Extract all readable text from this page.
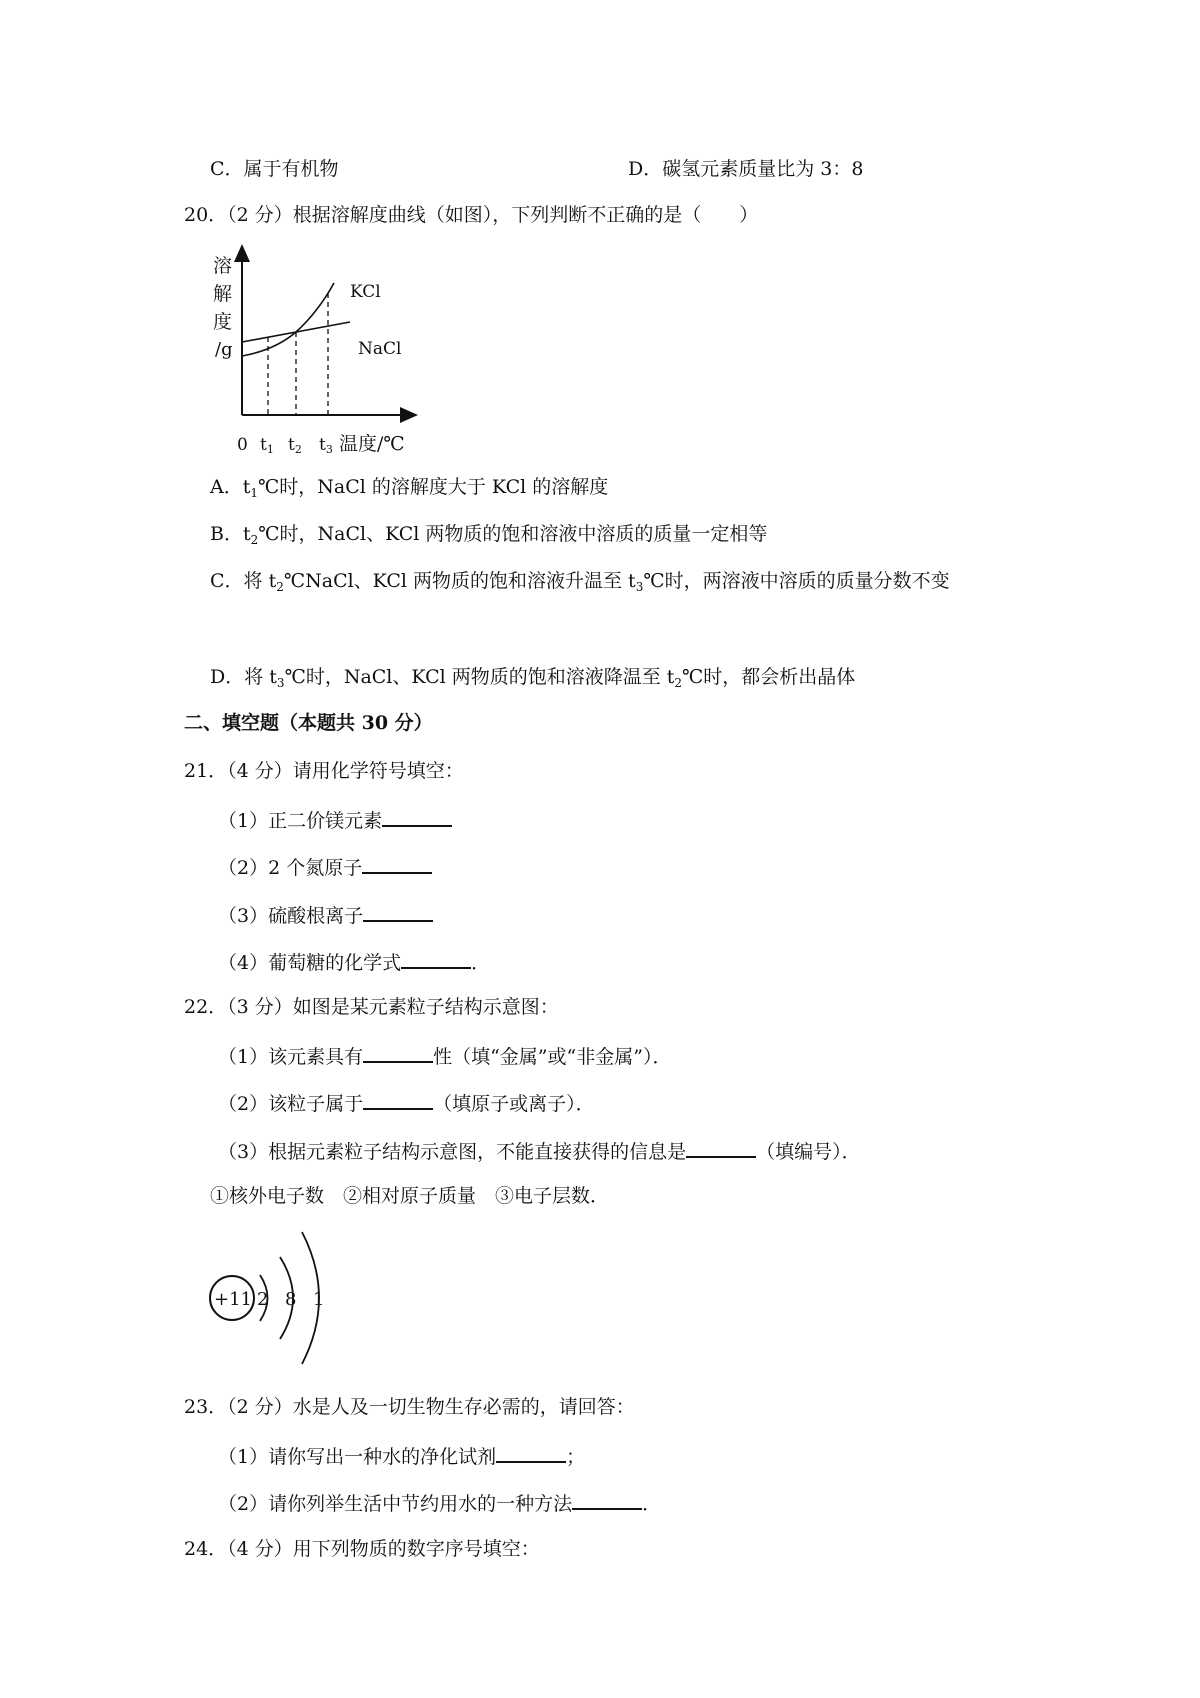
C．属于有机物	D．碳氢元素质量比为 3：8
20．（2 分）根据溶解度曲线（如图），下列判断不正确的是（　　）
溶
解
度
/g
KCl
NaCl
0 t1 t2 t3 温度/℃
A．$t_1℃$时，NaCl 的溶解度大于 KCl 的溶解度
B．$t_2℃$时，NaCl、KCl 两物质的饱和溶液中溶质的质量一定相等
C．将 $t_2℃NaCl$、KCl 两物质的饱和溶液升温至 $t_3℃$时，两溶液中溶质的质量分数不变
D．将 $t_3℃$时，NaCl、KCl 两物质的饱和溶液降温至 $t_2℃$时，都会析出晶体
二、填空题（本题共 30 分）
21．（4 分）请用化学符号填空：
（1）正二价镁元素
（2）2 个氮原子
（3）硫酸根离子
（4）葡萄糖的化学式	．
22．（3 分）如图是某元素粒子结构示意图：
（1）该元素具有	性（填“金属”或“非金属”）．
（2）该粒子属于	（填原子或离子）．
（3）根据元素粒子结构示意图，不能直接获得的信息是	（填编号）．
①核外电子数　②相对原子质量　③电子层数．
+11 2 8 1
23．（2 分）水是人及一切生物生存必需的，请回答：
（1）请你写出一种水的净化试剂	；
（2）请你列举生活中节约用水的一种方法	．
24．（4 分）用下列物质的数字序号填空：
